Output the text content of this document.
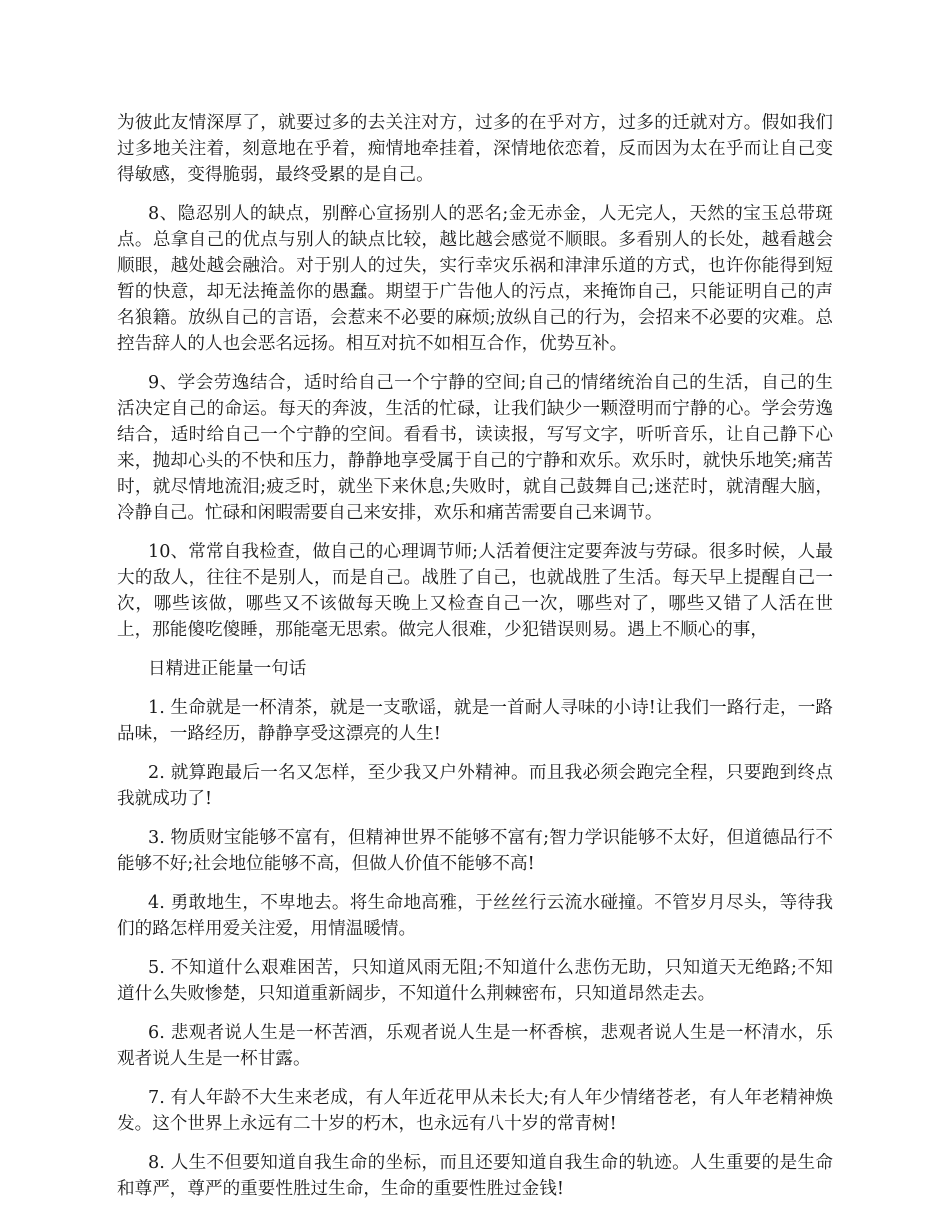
为彼此友情深厚了，就要过多的去关注对方，过多的在乎对方，过多的迁就对方。假如我们过多地关注着，刻意地在乎着，痴情地牵挂着，深情地依恋着，反而因为太在乎而让自己变得敏感，变得脆弱，最终受累的是自己。

8、隐忍别人的缺点，别醉心宣扬别人的恶名;金无赤金，人无完人，天然的宝玉总带斑点。总拿自己的优点与别人的缺点比较，越比越会感觉不顺眼。多看别人的长处，越看越会顺眼，越处越会融洽。对于别人的过失，实行幸灾乐祸和津津乐道的方式，也许你能得到短暂的快意，却无法掩盖你的愚蠢。期望于广告他人的污点，来掩饰自己，只能证明自己的声名狼籍。放纵自己的言语，会惹来不必要的麻烦;放纵自己的行为，会招来不必要的灾难。总控告辞人的人也会恶名远扬。相互对抗不如相互合作，优势互补。

9、学会劳逸结合，适时给自己一个宁静的空间;自己的情绪统治自己的生活，自己的生活决定自己的命运。每天的奔波，生活的忙碌，让我们缺少一颗澄明而宁静的心。学会劳逸结合，适时给自己一个宁静的空间。看看书，读读报，写写文字，听听音乐，让自己静下心来，抛却心头的不快和压力，静静地享受属于自己的宁静和欢乐。欢乐时，就快乐地笑;痛苦时，就尽情地流泪;疲乏时，就坐下来休息;失败时，就自己鼓舞自己;迷茫时，就清醒大脑，冷静自己。忙碌和闲暇需要自己来安排，欢乐和痛苦需要自己来调节。

10、常常自我检查，做自己的心理调节师;人活着便注定要奔波与劳碌。很多时候，人最大的敌人，往往不是别人，而是自己。战胜了自己，也就战胜了生活。每天早上提醒自己一次，哪些该做，哪些又不该做每天晚上又检查自己一次，哪些对了，哪些又错了人活在世上，那能傻吃傻睡，那能毫无思索。做完人很难，少犯错误则易。遇上不顺心的事，

日精进正能量一句话

1. 生命就是一杯清茶，就是一支歌谣，就是一首耐人寻味的小诗!让我们一路行走，一路品味，一路经历，静静享受这漂亮的人生!

2. 就算跑最后一名又怎样，至少我又户外精神。而且我必须会跑完全程，只要跑到终点我就成功了!

3. 物质财宝能够不富有，但精神世界不能够不富有;智力学识能够不太好，但道德品行不能够不好;社会地位能够不高，但做人价值不能够不高!

4. 勇敢地生，不卑地去。将生命地高雅，于丝丝行云流水碰撞。不管岁月尽头，等待我们的路怎样用爱关注爱，用情温暖情。

5. 不知道什么艰难困苦，只知道风雨无阻;不知道什么悲伤无助，只知道天无绝路;不知道什么失败惨楚，只知道重新阔步，不知道什么荆棘密布，只知道昂然走去。

6. 悲观者说人生是一杯苦酒，乐观者说人生是一杯香槟，悲观者说人生是一杯清水，乐观者说人生是一杯甘露。

7. 有人年龄不大生来老成，有人年近花甲从未长大;有人年少情绪苍老，有人年老精神焕发。这个世界上永远有二十岁的朽木，也永远有八十岁的常青树!

8. 人生不但要知道自我生命的坐标，而且还要知道自我生命的轨迹。人生重要的是生命和尊严，尊严的重要性胜过生命，生命的重要性胜过金钱!
